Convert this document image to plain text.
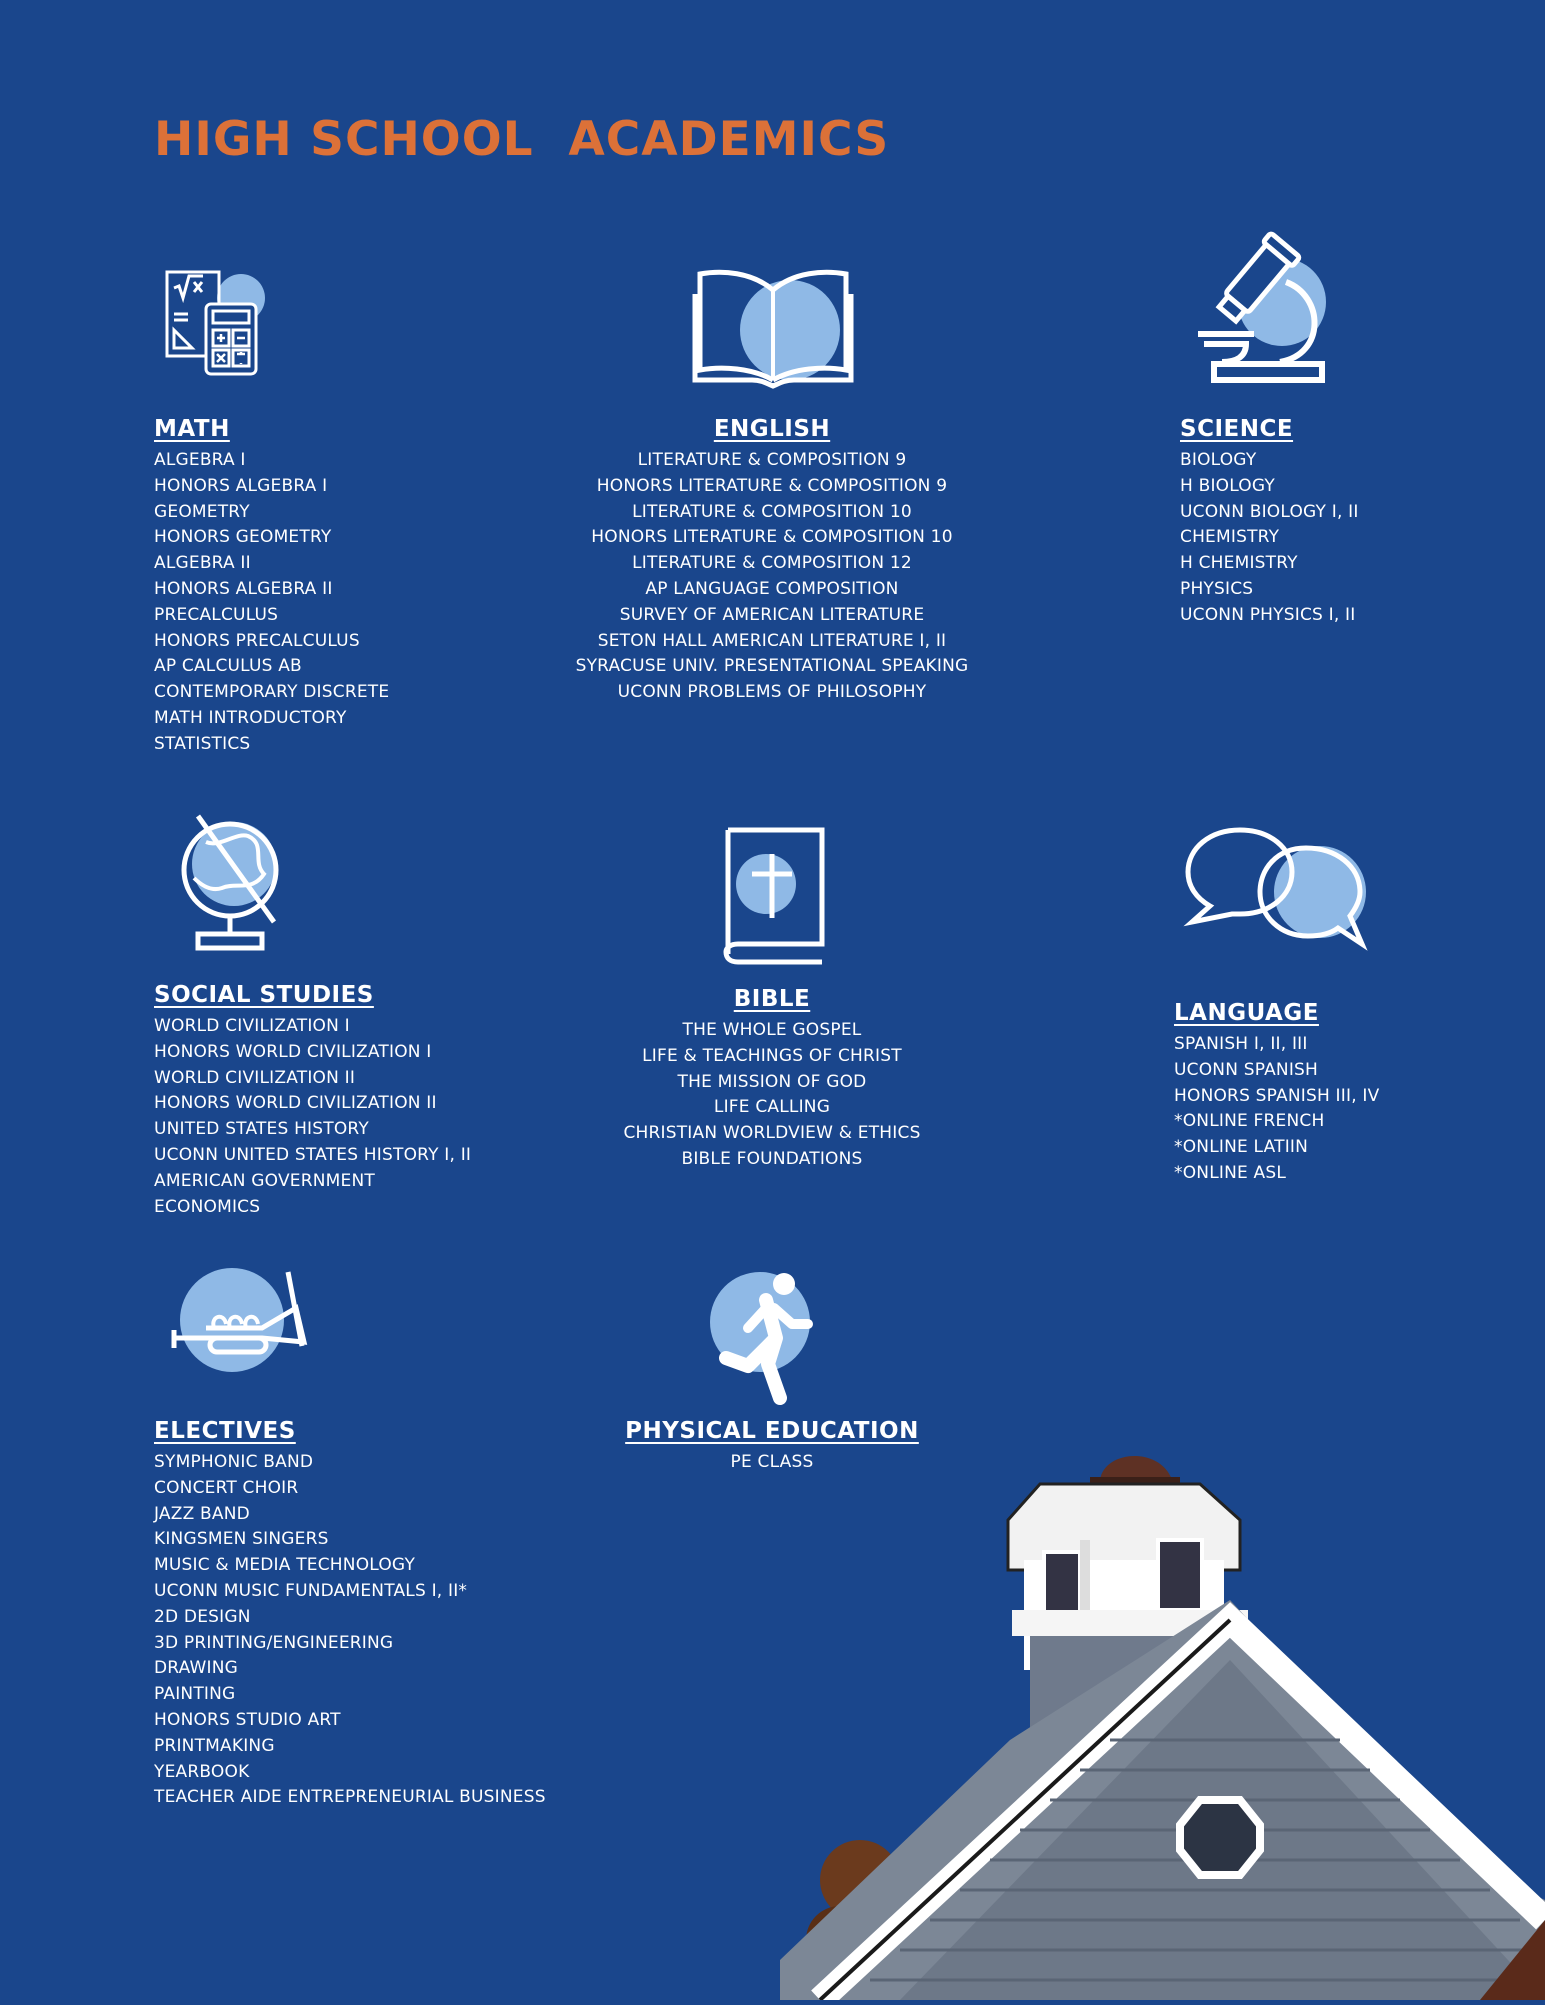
HIGH SCHOOL  ACADEMICS
MATH
ALGEBRA I
HONORS ALGEBRA I
GEOMETRY
HONORS GEOMETRY
ALGEBRA II
HONORS ALGEBRA II
PRECALCULUS
HONORS PRECALCULUS
AP CALCULUS AB
CONTEMPORARY DISCRETE
MATH INTRODUCTORY
STATISTICS
ENGLISH
LITERATURE & COMPOSITION 9
HONORS LITERATURE & COMPOSITION 9
LITERATURE & COMPOSITION 10
HONORS LITERATURE & COMPOSITION 10
LITERATURE & COMPOSITION 12
AP LANGUAGE COMPOSITION
SURVEY OF AMERICAN LITERATURE
SETON HALL AMERICAN LITERATURE I, II
SYRACUSE UNIV. PRESENTATIONAL SPEAKING
UCONN PROBLEMS OF PHILOSOPHY
SCIENCE
BIOLOGY
H BIOLOGY
UCONN BIOLOGY I, II
CHEMISTRY
H CHEMISTRY
PHYSICS
UCONN PHYSICS I, II
SOCIAL STUDIES
WORLD CIVILIZATION I
HONORS WORLD CIVILIZATION I
WORLD CIVILIZATION II
HONORS WORLD CIVILIZATION II
UNITED STATES HISTORY
UCONN UNITED STATES HISTORY I, II
AMERICAN GOVERNMENT
ECONOMICS
BIBLE
THE WHOLE GOSPEL
LIFE & TEACHINGS OF CHRIST
THE MISSION OF GOD
LIFE CALLING
CHRISTIAN WORLDVIEW & ETHICS
BIBLE FOUNDATIONS
LANGUAGE
SPANISH I, II, III
UCONN SPANISH
HONORS SPANISH III, IV
*ONLINE FRENCH
*ONLINE LATIIN
*ONLINE ASL
ELECTIVES
SYMPHONIC BAND
CONCERT CHOIR
JAZZ BAND
KINGSMEN SINGERS
MUSIC & MEDIA TECHNOLOGY
UCONN MUSIC FUNDAMENTALS I, II*
2D DESIGN
3D PRINTING/ENGINEERING
DRAWING
PAINTING
HONORS STUDIO ART
PRINTMAKING
YEARBOOK
TEACHER AIDE ENTREPRENEURIAL BUSINESS
PHYSICAL EDUCATION
PE CLASS
